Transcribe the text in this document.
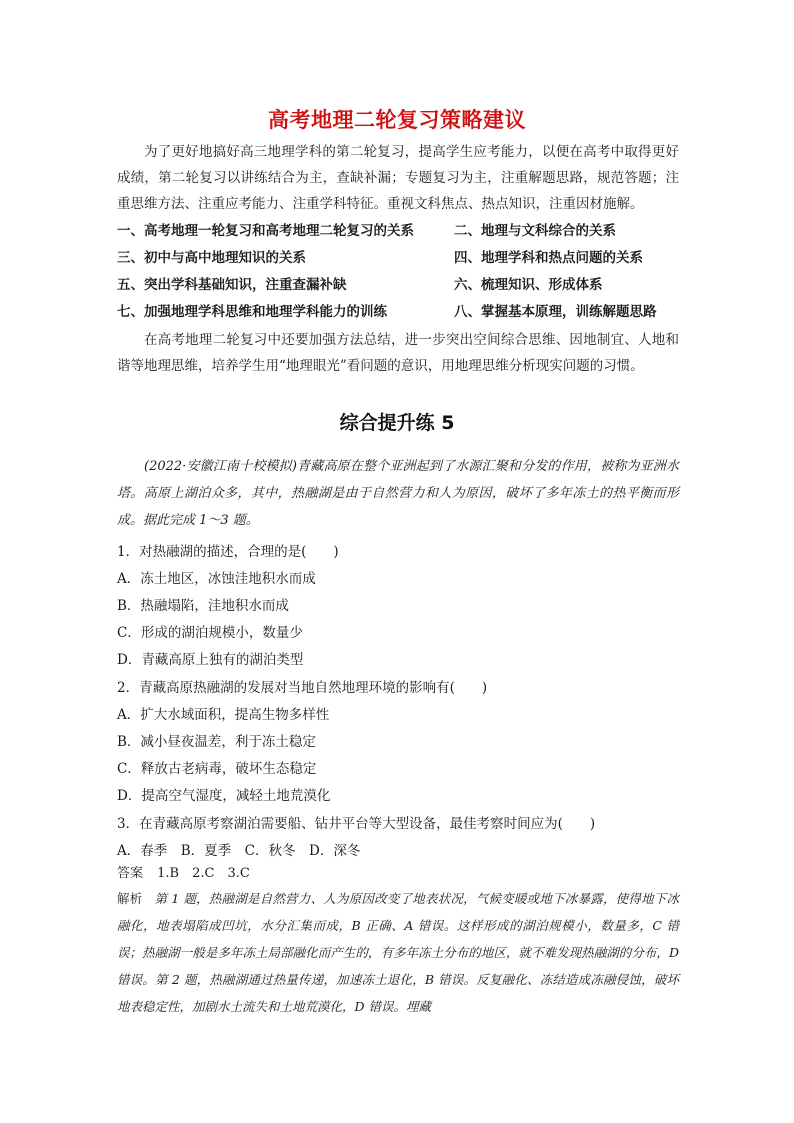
高考地理二轮复习策略建议
为了更好地搞好高三地理学科的第二轮复习，提高学生应考能力，以便在高考中取得更好成绩，第二轮复习以讲练结合为主，查缺补漏；专题复习为主，注重解题思路，规范答题；注重思维方法、注重应考能力、注重学科特征。重视文科焦点、热点知识，注重因材施解。
一、高考地理一轮复习和高考地理二轮复习的关系	二、地理与文科综合的关系
三、初中与高中地理知识的关系	四、地理学科和热点问题的关系
五、突出学科基础知识，注重查漏补缺	六、梳理知识、形成体系
七、加强地理学科思维和地理学科能力的训练	八、掌握基本原理，训练解题思路
在高考地理二轮复习中还要加强方法总结，进一步突出空间综合思维、因地制宜、人地和谐等地理思维，培养学生用“地理眼光”看问题的意识，用地理思维分析现实问题的习惯。
综合提升练 5
(2022·安徽江南十校模拟)青藏高原在整个亚洲起到了水源汇聚和分发的作用，被称为亚洲水塔。高原上湖泊众多，其中，热融湖是由于自然营力和人为原因，破坏了多年冻土的热平衡而形成。据此完成 1～3 题。
1．对热融湖的描述，合理的是(　　)
A．冻土地区，冰蚀洼地积水而成
B．热融塌陷，洼地积水而成
C．形成的湖泊规模小，数量少
D．青藏高原上独有的湖泊类型
2．青藏高原热融湖的发展对当地自然地理环境的影响有(　　)
A．扩大水域面积，提高生物多样性
B．减小昼夜温差，利于冻土稳定
C．释放古老病毒，破坏生态稳定
D．提高空气湿度，减轻土地荒漠化
3．在青藏高原考察湖泊需要船、钻井平台等大型设备，最佳考察时间应为(　　)
A．春季　B．夏季　C．秋冬　D．深冬
答案 1.B　2.C　3.C
解析 第 1 题，热融湖是自然营力、人为原因改变了地表状况，气候变暖或地下冰暴露，使得地下冰融化，地表塌陷成凹坑，水分汇集而成，B 正确、A 错误。这样形成的湖泊规模小，数量多，C 错误；热融湖一般是多年冻土局部融化而产生的，有多年冻土分布的地区，就不难发现热融湖的分布，D 错误。第 2 题，热融湖通过热量传递，加速冻土退化，B 错误。反复融化、冻结造成冻融侵蚀，破坏地表稳定性，加剧水土流失和土地荒漠化，D 错误。埋藏
